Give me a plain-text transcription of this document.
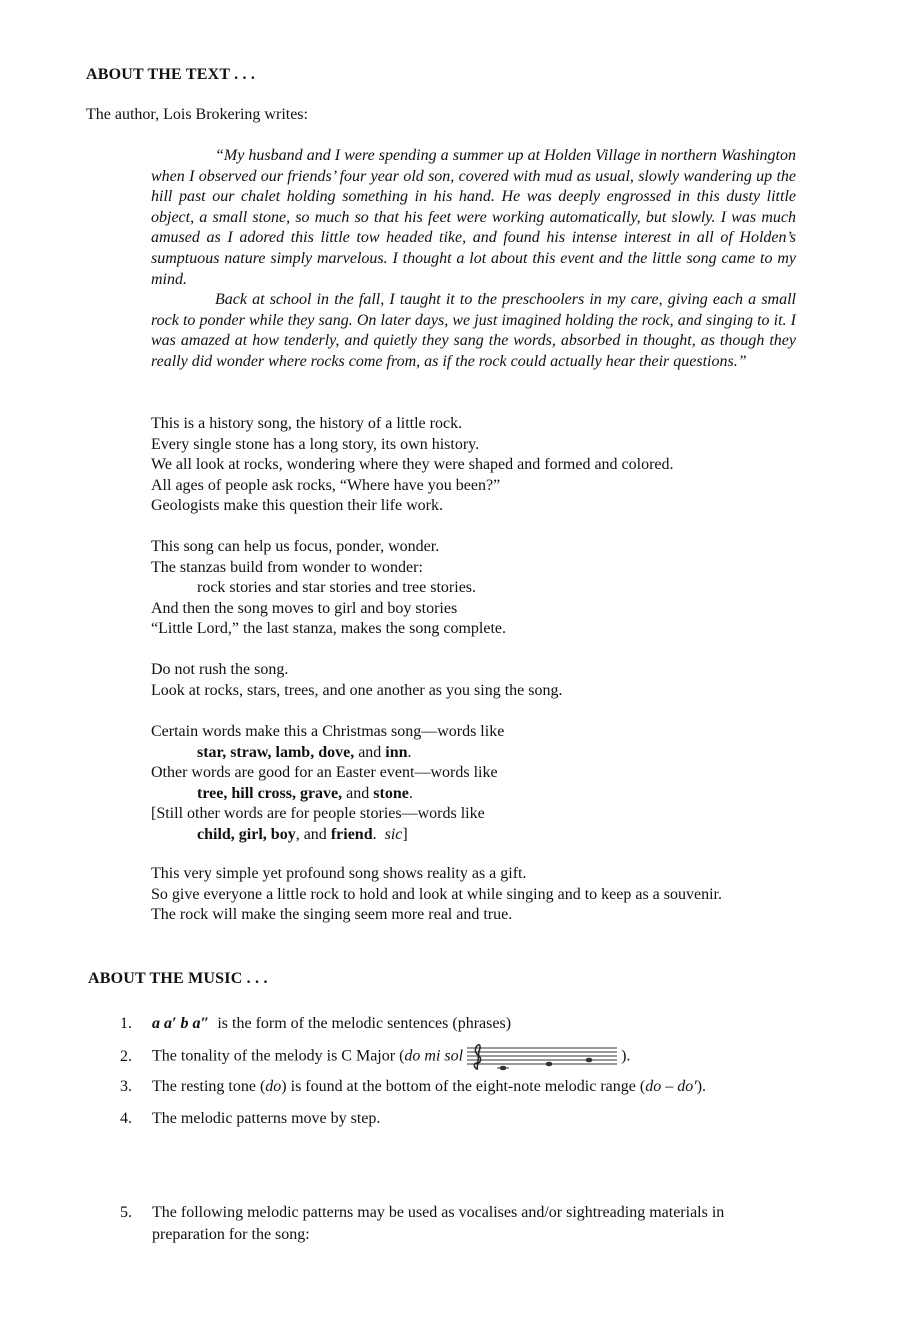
ABOUT THE TEXT . . .
The author, Lois Brokering writes:

“My husband and I were spending a summer up at Holden Village in northern Washington when I observed our friends’ four year old son, covered with mud as usual, slowly wandering up the hill past our chalet holding something in his hand. He was deeply engrossed in this dusty little object, a small stone, so much so that his feet were working automatically, but slowly. I was much amused as I adored this little tow headed tike, and found his intense interest in all of Holden’s sumptuous nature simply marvelous. I thought a lot about this event and the little song came to my mind.

Back at school in the fall, I taught it to the preschoolers in my care, giving each a small rock to ponder while they sang. On later days, we just imagined holding the rock, and singing to it. I was amazed at how tenderly, and quietly they sang the words, absorbed in thought, as though they really did wonder where rocks come from, as if the rock could actually hear their questions.”

This is a history song, the history of a little rock.
Every single stone has a long story, its own history.
We all look at rocks, wondering where they were shaped and formed and colored.
All ages of people ask rocks, “Where have you been?”
Geologists make this question their life work.
This song can help us focus, ponder, wonder.
The stanzas build from wonder to wonder:
rock stories and star stories and tree stories.
And then the song moves to girl and boy stories
“Little Lord,” the last stanza, makes the song complete.
Do not rush the song.
Look at rocks, stars, trees, and one another as you sing the song.
Certain words make this a Christmas song—words like
star, straw, lamb, dove, and inn.
Other words are good for an Easter event—words like
tree, hill cross, grave, and stone.
[Still other words are for people stories—words like
child, girl, boy, and friend.  sic]
This very simple yet profound song shows reality as a gift.
So give everyone a little rock to hold and look at while singing and to keep as a souvenir.
The rock will make the singing seem more real and true.
ABOUT THE MUSIC . . .
1. a a′ b a″ is the form of the melodic sentences (phrases)
2. The tonality of the melody is C Major (do mi sol	).
3. The resting tone (do) is found at the bottom of the eight-note melodic range (do – do′).
4. The melodic patterns move by step.
5. The following melodic patterns may be used as vocalises and/or sightreading materials in
preparation for the song:
